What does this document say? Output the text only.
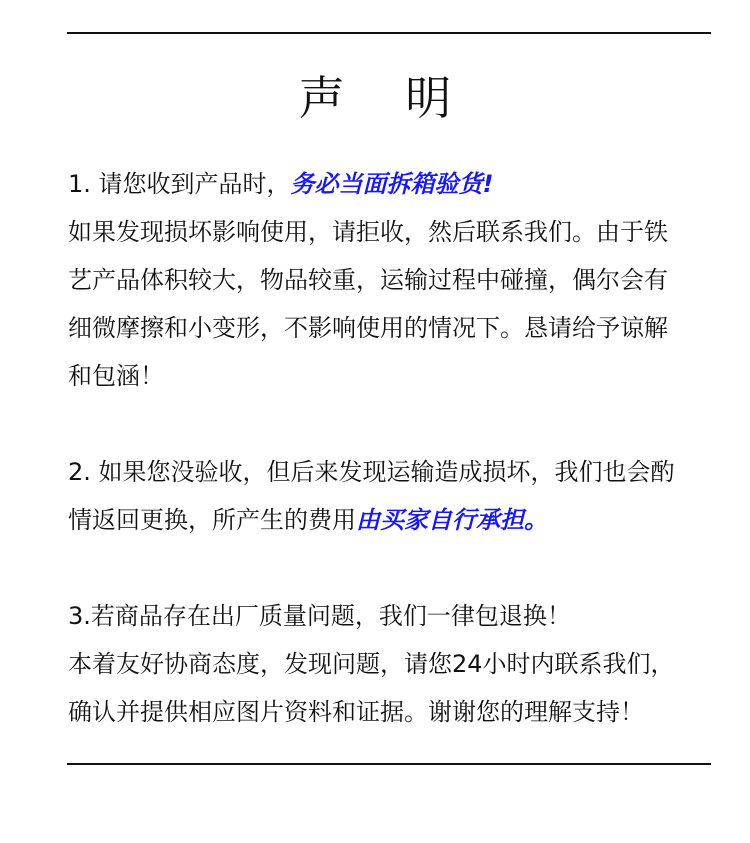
声　 明
1. 请您收到产品时，务必当面拆箱验货!
如果发现损坏影响使用，请拒收，然后联系我们。由于铁
艺产品体积较大，物品较重，运输过程中碰撞，偶尔会有
细微摩擦和小变形，不影响使用的情况下。恳请给予谅解
和包涵！
2. 如果您没验收，但后来发现运输造成损坏，我们也会酌
情返回更换，所产生的费用由买家自行承担。
3.若商品存在出厂质量问题，我们一律包退换！
本着友好协商态度，发现问题，请您24小时内联系我们，
确认并提供相应图片资料和证据。谢谢您的理解支持！
